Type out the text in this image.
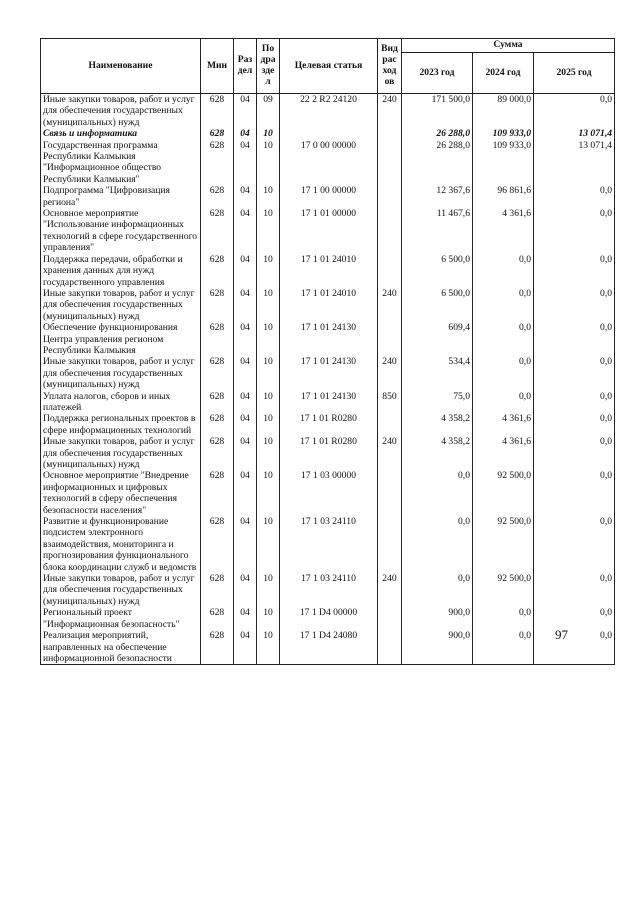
Наименование	Мин	Раз дел	По дра зде л	Целевая статья	Вид рас ход ов	Сумма		
						2023 год	2024 год	2025 год
Иные закупки товаров, работ и услуг для обеспечения государственных (муниципальных) нужд	628	04	09	22 2 R2 24120	240	171 500,0	89 000,0	0,0
Связь и информатика	628	04	10			26 288,0	109 933,0	13 071,4
Государственная программа Республики Калмыкия "Информационное общество Республики Калмыкия"	628	04	10	17 0 00 00000		26 288,0	109 933,0	13 071,4
Подпрограмма "Цифровизация региона"	628	04	10	17 1 00 00000		12 367,6	96 861,6	0,0
Основное мероприятие "Использование информационных технологий в сфере государственного управления"	628	04	10	17 1 01 00000		11 467,6	4 361,6	0,0
Поддержка передачи, обработки и хранения данных для нужд государственного управления	628	04	10	17 1 01 24010		6 500,0	0,0	0,0
Иные закупки товаров, работ и услуг для обеспечения государственных (муниципальных) нужд	628	04	10	17 1 01 24010	240	6 500,0	0,0	0,0
Обеспечение функционирования Центра управления регионом Республики Калмыкия	628	04	10	17 1 01 24130		609,4	0,0	0,0
Иные закупки товаров, работ и услуг для обеспечения государственных (муниципальных) нужд	628	04	10	17 1 01 24130	240	534,4	0,0	0,0
Уплата налогов, сборов и иных платежей	628	04	10	17 1 01 24130	850	75,0	0,0	0,0
Поддержка региональных проектов в сфере информационных технологий	628	04	10	17 1 01 R0280		4 358,2	4 361,6	0,0
Иные закупки товаров, работ и услуг для обеспечения государственных (муниципальных) нужд	628	04	10	17 1 01 R0280	240	4 358,2	4 361,6	0,0
Основное мероприятие "Внедрение информационных и цифровых технологий в сферу обеспечения безопасности населения"	628	04	10	17 1 03 00000		0,0	92 500,0	0,0
Развитие и функционирование подсистем электронного взаимодействия, мониторинга и прогнозирования функционального блока координации служб и ведомств	628	04	10	17 1 03 24110		0,0	92 500,0	0,0
Иные закупки товаров, работ и услуг для обеспечения государственных (муниципальных) нужд	628	04	10	17 1 03 24110	240	0,0	92 500,0	0,0
Региональный проект "Информационная безопасность"	628	04	10	17 1 D4 00000		900,0	0,0	0,0
Реализация мероприятий, направленных на обеспечение информационной безопасности	628	04	10	17 1 D4 24080		900,0	0,0	0,0
97
